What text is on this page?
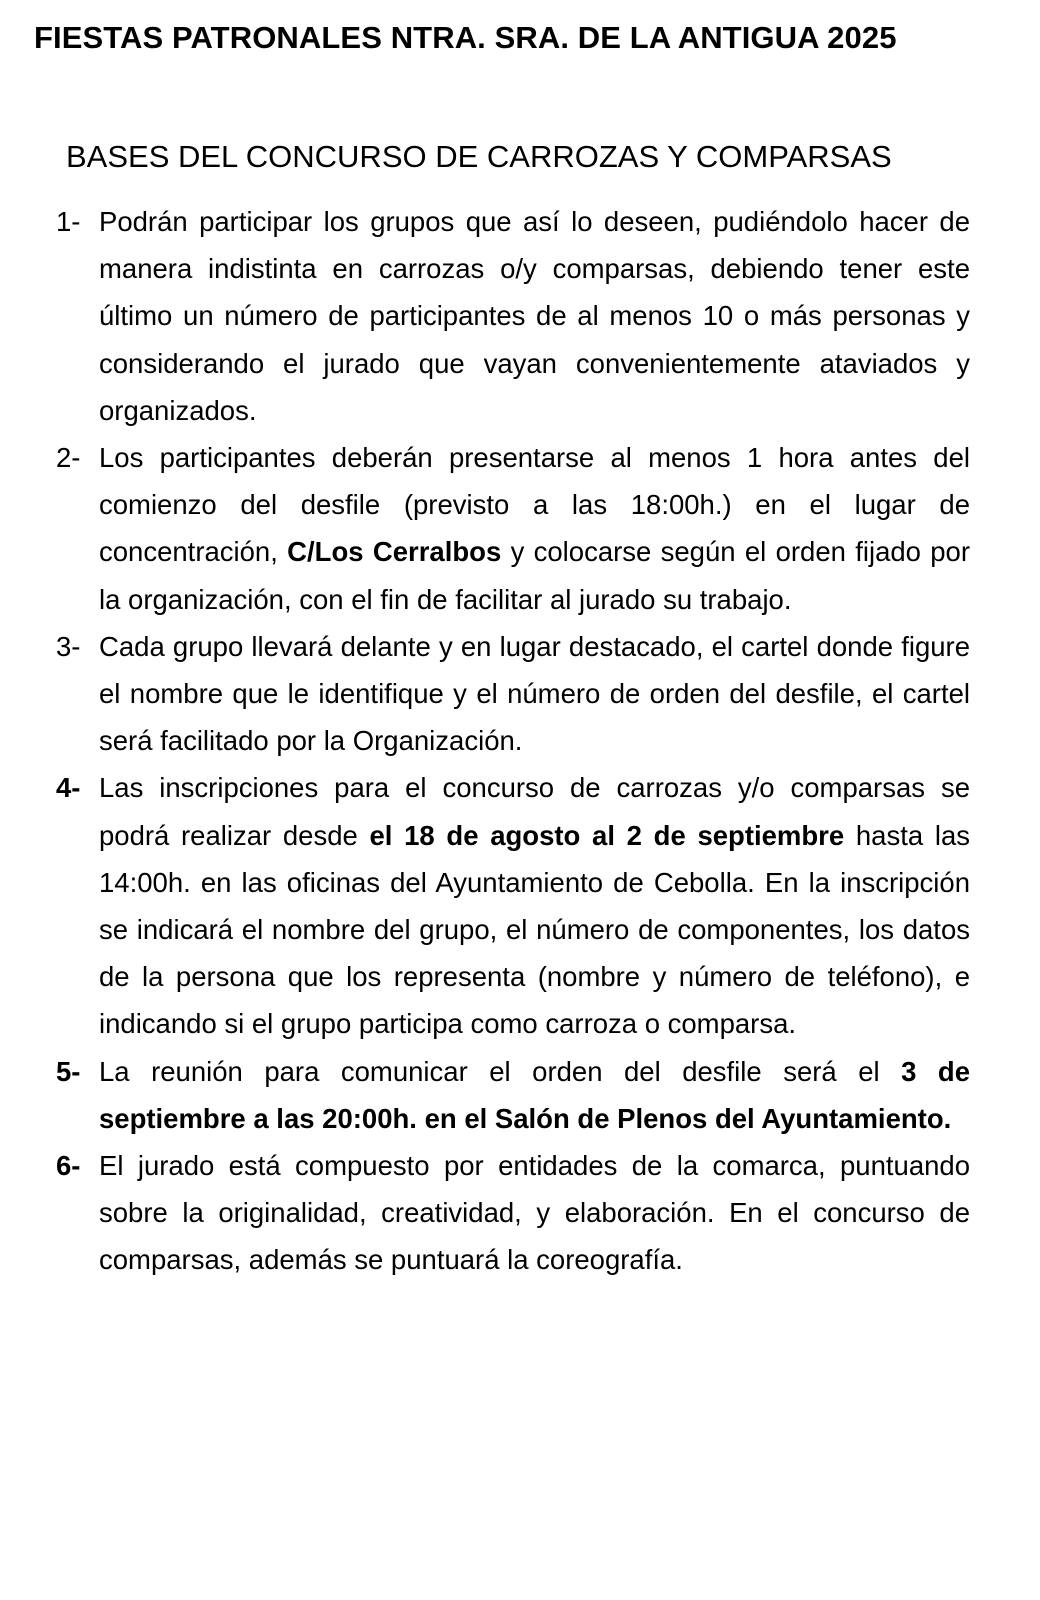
FIESTAS PATRONALES NTRA. SRA. DE LA ANTIGUA 2025
BASES DEL CONCURSO DE CARROZAS Y COMPARSAS
1- Podrán participar los grupos que así lo deseen, pudiéndolo hacer de manera indistinta en carrozas o/y comparsas, debiendo tener este último un número de participantes de al menos 10 o más personas y considerando el jurado que vayan convenientemente ataviados y organizados.
2- Los participantes deberán presentarse al menos 1 hora antes del comienzo del desfile (previsto a las 18:00h.) en el lugar de concentración, C/Los Cerralbos y colocarse según el orden fijado por la organización, con el fin de facilitar al jurado su trabajo.
3- Cada grupo llevará delante y en lugar destacado, el cartel donde figure el nombre que le identifique y el número de orden del desfile, el cartel será facilitado por la Organización.
4- Las inscripciones para el concurso de carrozas y/o comparsas se podrá realizar desde el 18 de agosto al 2 de septiembre hasta las 14:00h. en las oficinas del Ayuntamiento de Cebolla. En la inscripción se indicará el nombre del grupo, el número de componentes, los datos de la persona que los representa (nombre y número de teléfono), e indicando si el grupo participa como carroza o comparsa.
5- La reunión para comunicar el orden del desfile será el 3 de septiembre a las 20:00h. en el Salón de Plenos del Ayuntamiento.
6- El jurado está compuesto por entidades de la comarca, puntuando sobre la originalidad, creatividad, y elaboración. En el concurso de comparsas, además se puntuará la coreografía.
